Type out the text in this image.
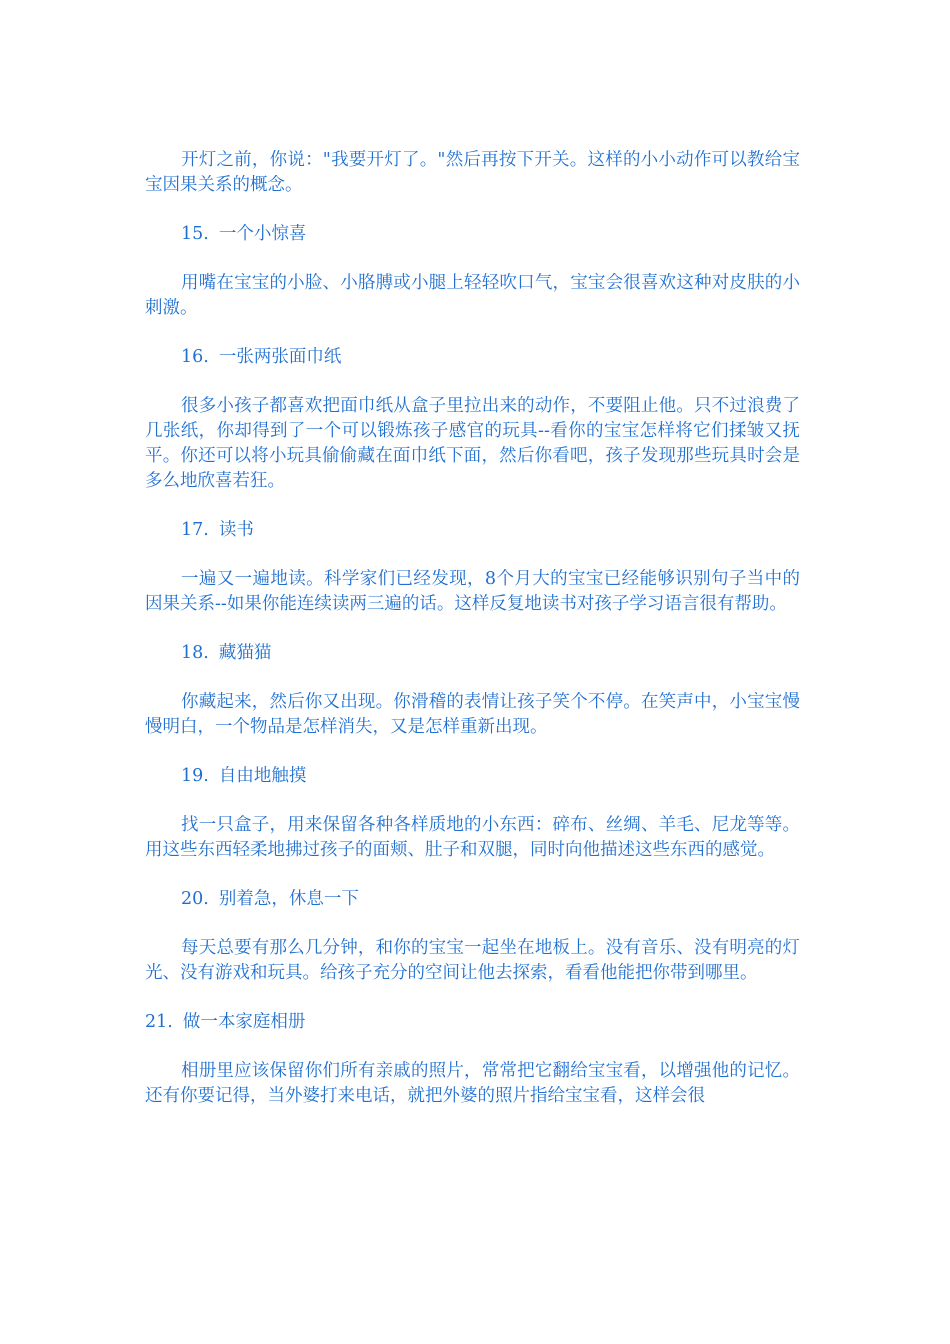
开灯之前，你说："我要开灯了。"然后再按下开关。这样的小小动作可以教给宝宝因果关系的概念。

15. 一个小惊喜

用嘴在宝宝的小脸、小胳膊或小腿上轻轻吹口气，宝宝会很喜欢这种对皮肤的小刺激。

16. 一张两张面巾纸

很多小孩子都喜欢把面巾纸从盒子里拉出来的动作，不要阻止他。只不过浪费了几张纸，你却得到了一个可以锻炼孩子感官的玩具--看你的宝宝怎样将它们揉皱又抚平。你还可以将小玩具偷偷藏在面巾纸下面，然后你看吧，孩子发现那些玩具时会是多么地欣喜若狂。

17. 读书

一遍又一遍地读。科学家们已经发现，8个月大的宝宝已经能够识别句子当中的因果关系--如果你能连续读两三遍的话。这样反复地读书对孩子学习语言很有帮助。

18. 藏猫猫

你藏起来，然后你又出现。你滑稽的表情让孩子笑个不停。在笑声中，小宝宝慢慢明白，一个物品是怎样消失，又是怎样重新出现。

19. 自由地触摸

找一只盒子，用来保留各种各样质地的小东西：碎布、丝绸、羊毛、尼龙等等。用这些东西轻柔地拂过孩子的面颊、肚子和双腿，同时向他描述这些东西的感觉。

20. 别着急，休息一下

每天总要有那么几分钟，和你的宝宝一起坐在地板上。没有音乐、没有明亮的灯光、没有游戏和玩具。给孩子充分的空间让他去探索，看看他能把你带到哪里。

21. 做一本家庭相册

相册里应该保留你们所有亲戚的照片，常常把它翻给宝宝看，以增强他的记忆。还有你要记得，当外婆打来电话，就把外婆的照片指给宝宝看，这样会很
